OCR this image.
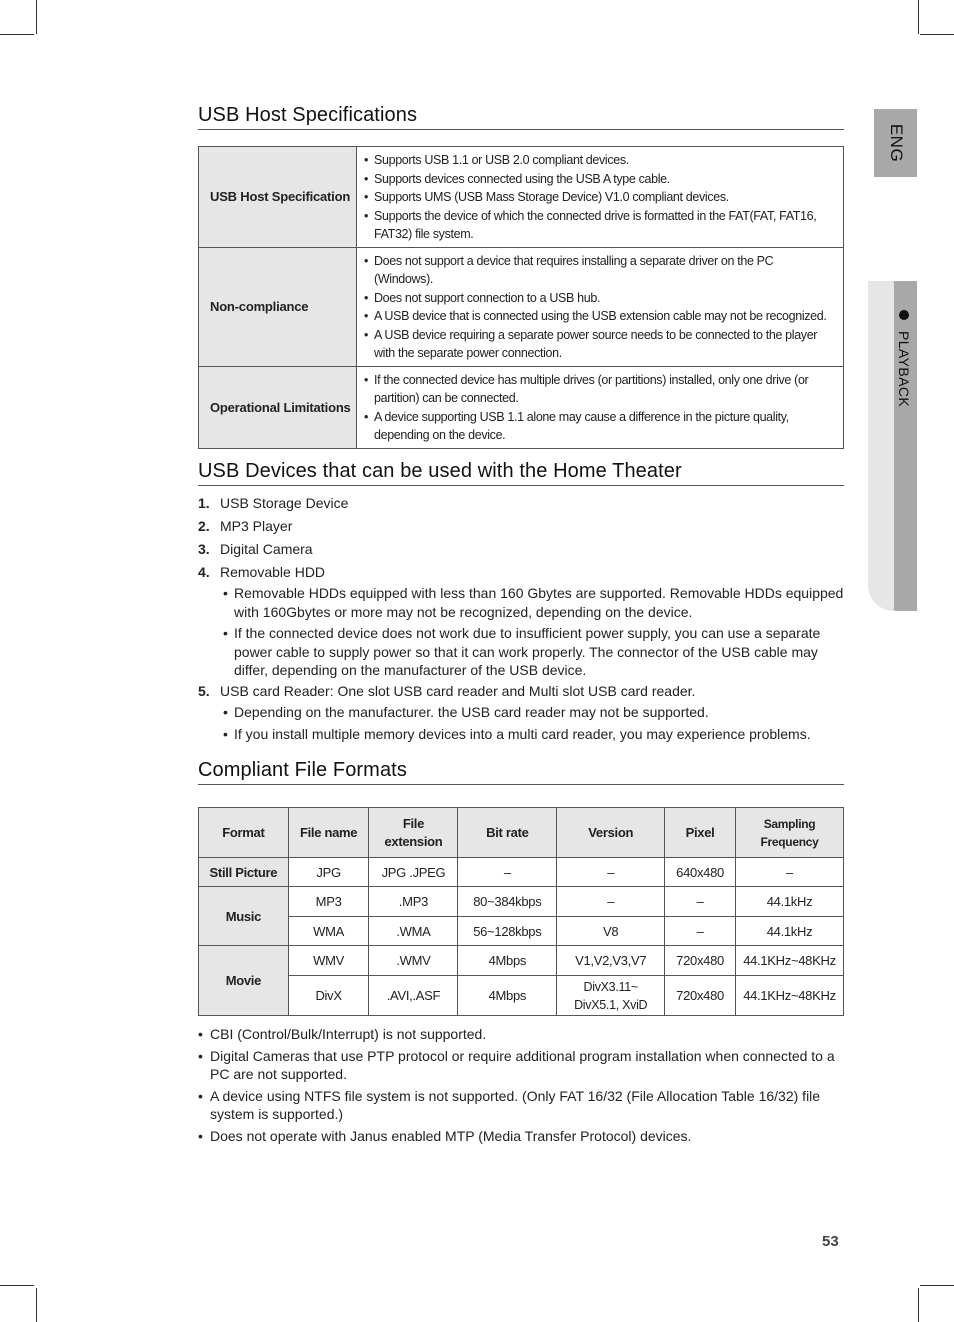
ENG
PLAYBACK
USB Host Specifications
USB Host Specification	• Supports USB 1.1 or USB 2.0 compliant devices.
• Supports devices connected using the USB A type cable.
• Supports UMS (USB Mass Storage Device) V1.0 compliant devices.
• Supports the device of which the connected drive is formatted in the FAT(FAT, FAT16, FAT32) file system.

Non-compliance	• Does not support a device that requires installing a separate driver on the PC (Windows).
• Does not support connection to a USB hub.
• A USB device that is connected using the USB extension cable may not be recognized.
• A USB device requiring a separate power source needs to be connected to the player with the separate power connection.

Operational Limitations	• If the connected device has multiple drives (or partitions) installed, only one drive (or partition) can be connected.
• A device supporting USB 1.1 alone may cause a difference in the picture quality, depending on the device.
USB Devices that can be used with the Home Theater
1. USB Storage Device
2. MP3 Player
3. Digital Camera
4. Removable HDD
• Removable HDDs equipped with less than 160 Gbytes are supported. Removable HDDs equipped with 160Gbytes or more may not be recognized, depending on the device.
• If the connected device does not work due to insufficient power supply, you can use a separate power cable to supply power so that it can work properly. The connector of the USB cable may differ, depending on the manufacturer of the USB device.
5. USB card Reader: One slot USB card reader and Multi slot USB card reader.
• Depending on the manufacturer. the USB card reader may not be supported.
• If you install multiple memory devices into a multi card reader, you may experience problems.
Compliant File Formats
Format	File name	File extension	Bit rate	Version	Pixel	Sampling Frequency
Still Picture	JPG	JPG .JPEG	–	–	640x480	–
Music	MP3	.MP3	80~384kbps	–	–	44.1kHz
	WMA	.WMA	56~128kbps	V8	–	44.1kHz
Movie	WMV	.WMV	4Mbps	V1,V2,V3,V7	720x480	44.1KHz~48KHz
	DivX	.AVI,.ASF	4Mbps	DivX3.11~ DivX5.1, XviD	720x480	44.1KHz~48KHz
• CBI (Control/Bulk/Interrupt) is not supported.
• Digital Cameras that use PTP protocol or require additional program installation when connected to a PC are not supported.
• A device using NTFS file system is not supported. (Only FAT 16/32 (File Allocation Table 16/32) file system is supported.)
• Does not operate with Janus enabled MTP (Media Transfer Protocol) devices.
53
